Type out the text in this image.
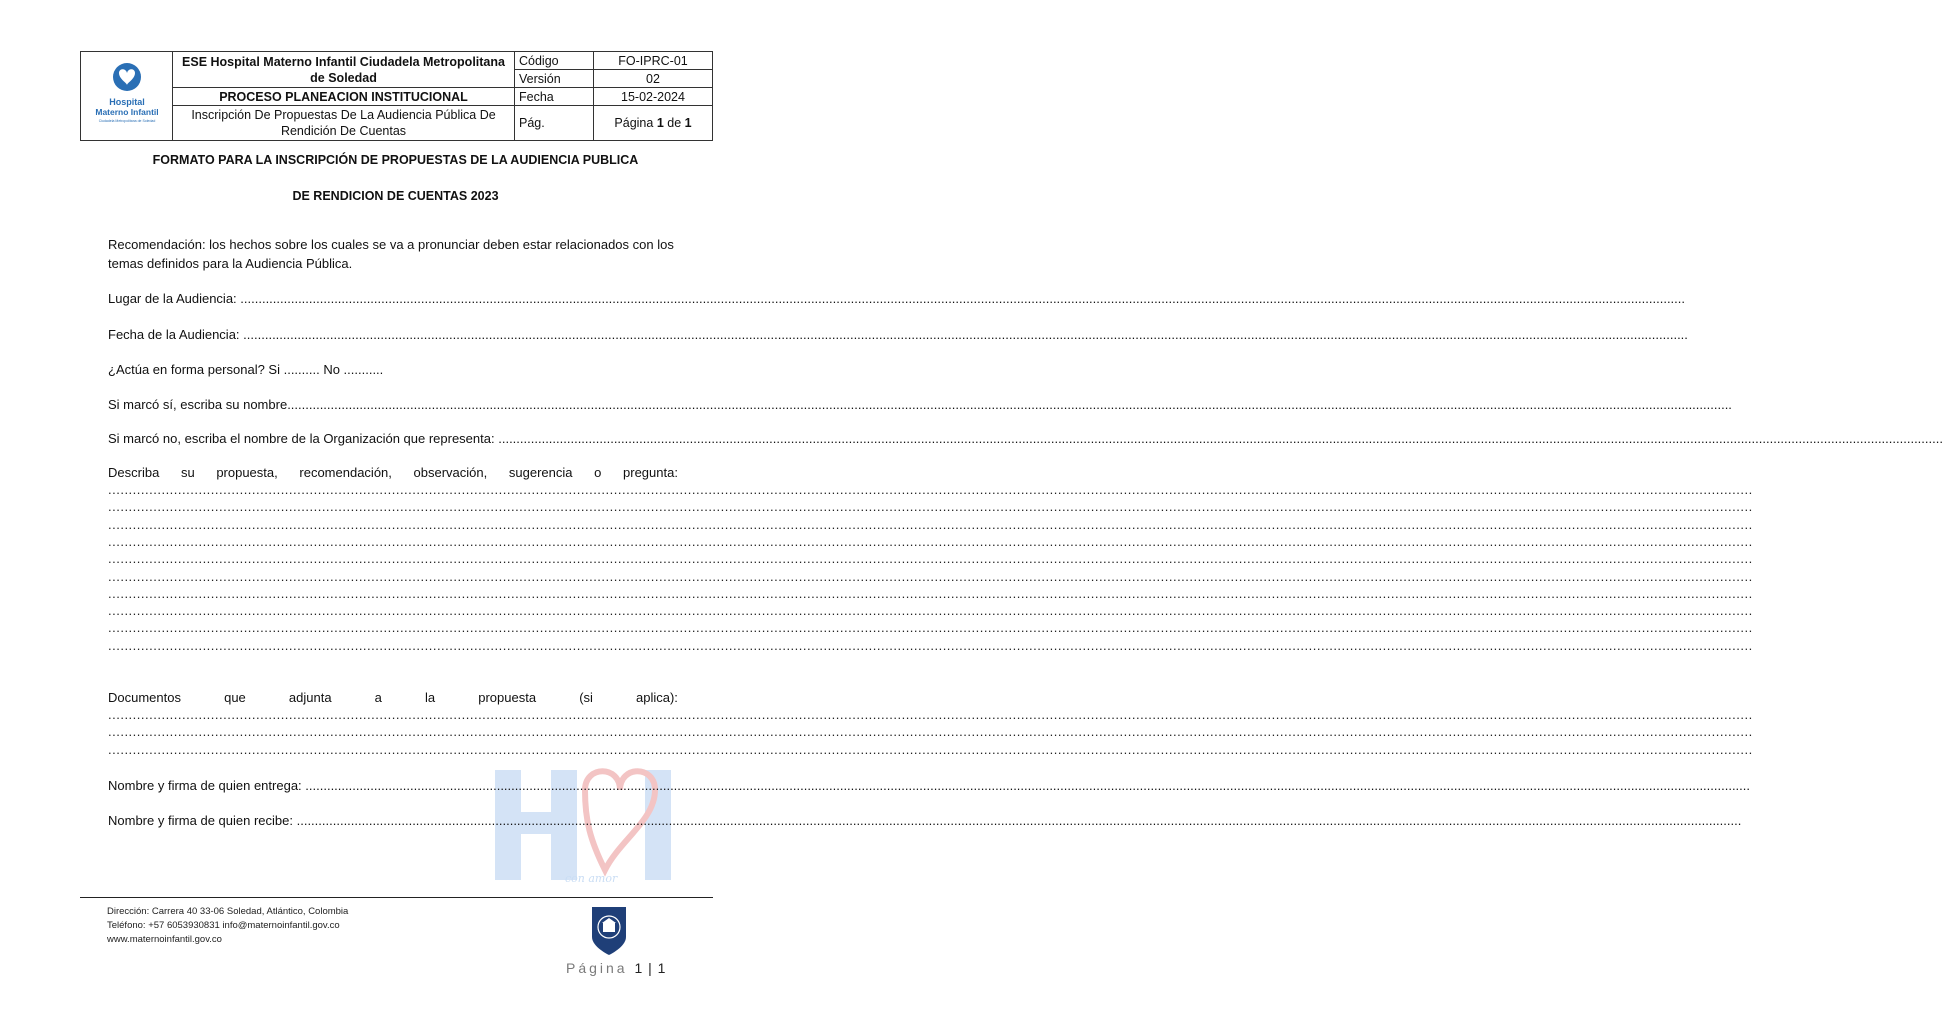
con amor
Hospital
Materno Infantil
Ciudadela Metropolitana de Soledad	ESE Hospital Materno Infantil Ciudadela Metropolitana de Soledad	Código	FO-IPRC-01
		Versión	02
	PROCESO PLANEACION INSTITUCIONAL	Fecha	15-02-2024
	Inscripción De Propuestas De La Audiencia Pública De Rendición De Cuentas	Pág.	Página 1 de 1
FORMATO PARA LA INSCRIPCIÓN DE PROPUESTAS DE LA AUDIENCIA PUBLICA
DE RENDICION DE CUENTAS 2023
Recomendación: los hechos sobre los cuales se va a pronunciar deben estar relacionados con los
temas definidos para la Audiencia Pública.
Lugar de la Audiencia: ................................................................................................................................................................................................................................................................................................................................................................................................................
Fecha de la Audiencia: ................................................................................................................................................................................................................................................................................................................................................................................................................
¿Actúa en forma personal? Si .......... No ...........
Si marcó sí, escriba su nombre................................................................................................................................................................................................................................................................................................................................................................................................................
Si marcó no, escriba el nombre de la Organización que representa: ................................................................................................................................................................................................................................................................................................................................................................................................................
Describa su propuesta, recomendación, observación, sugerencia o pregunta:
................................................................................................................................................................................................................................................................................................................................................................................................................
................................................................................................................................................................................................................................................................................................................................................................................................................
................................................................................................................................................................................................................................................................................................................................................................................................................
................................................................................................................................................................................................................................................................................................................................................................................................................
................................................................................................................................................................................................................................................................................................................................................................................................................
................................................................................................................................................................................................................................................................................................................................................................................................................
................................................................................................................................................................................................................................................................................................................................................................................................................
................................................................................................................................................................................................................................................................................................................................................................................................................
................................................................................................................................................................................................................................................................................................................................................................................................................
................................................................................................................................................................................................................................................................................................................................................................................................................
Documentos	que	adjunta	a	la	propuesta	(si	aplica):
................................................................................................................................................................................................................................................................................................................................................................................................................
................................................................................................................................................................................................................................................................................................................................................................................................................
................................................................................................................................................................................................................................................................................................................................................................................................................
Nombre y firma de quien entrega: ................................................................................................................................................................................................................................................................................................................................................................................................................
Nombre y firma de quien recibe: ................................................................................................................................................................................................................................................................................................................................................................................................................
Dirección: Carrera 40 33-06 Soledad, Atlántico, Colombia
Teléfono: +57 6053930831 info@maternoinfantil.gov.co
www.maternoinfantil.gov.co
Página 1 | 1
